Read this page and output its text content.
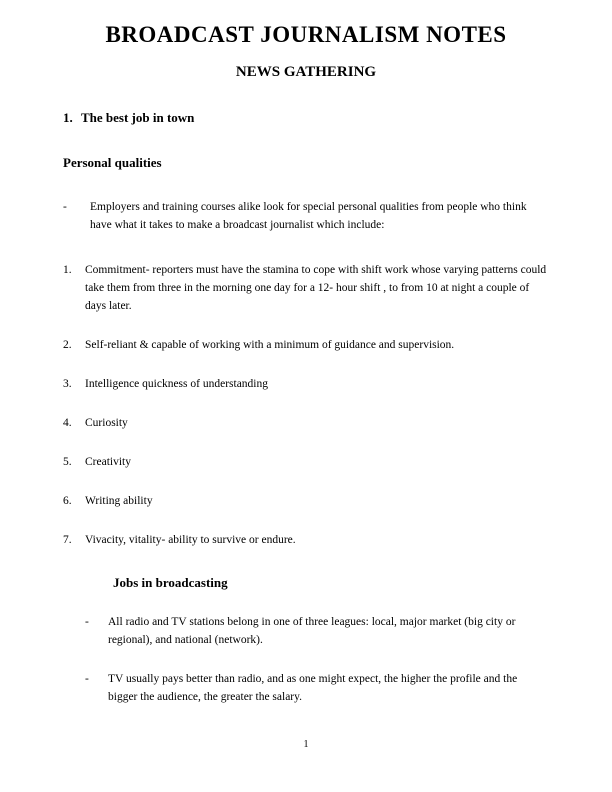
BROADCAST JOURNALISM NOTES
NEWS GATHERING
1. The best job in town
Personal qualities
-	Employers and training courses alike look for special personal qualities from people who think have what it takes to make a broadcast journalist which include:
1.	Commitment- reporters must have the stamina to cope with shift work whose varying patterns could take them from three in the morning one day for a 12- hour shift , to from 10 at night a couple of days later.
2.	Self-reliant & capable of working with a minimum of guidance and supervision.
3.	Intelligence quickness of understanding
4.	Curiosity
5.	Creativity
6.	Writing ability
7.	Vivacity, vitality- ability to survive or endure.
Jobs in broadcasting
-	All radio and TV stations belong in one of three leagues: local, major market (big city or regional), and national (network).
-	TV usually pays better than radio, and as one might expect, the higher the profile and the bigger the audience, the greater the salary.
1
